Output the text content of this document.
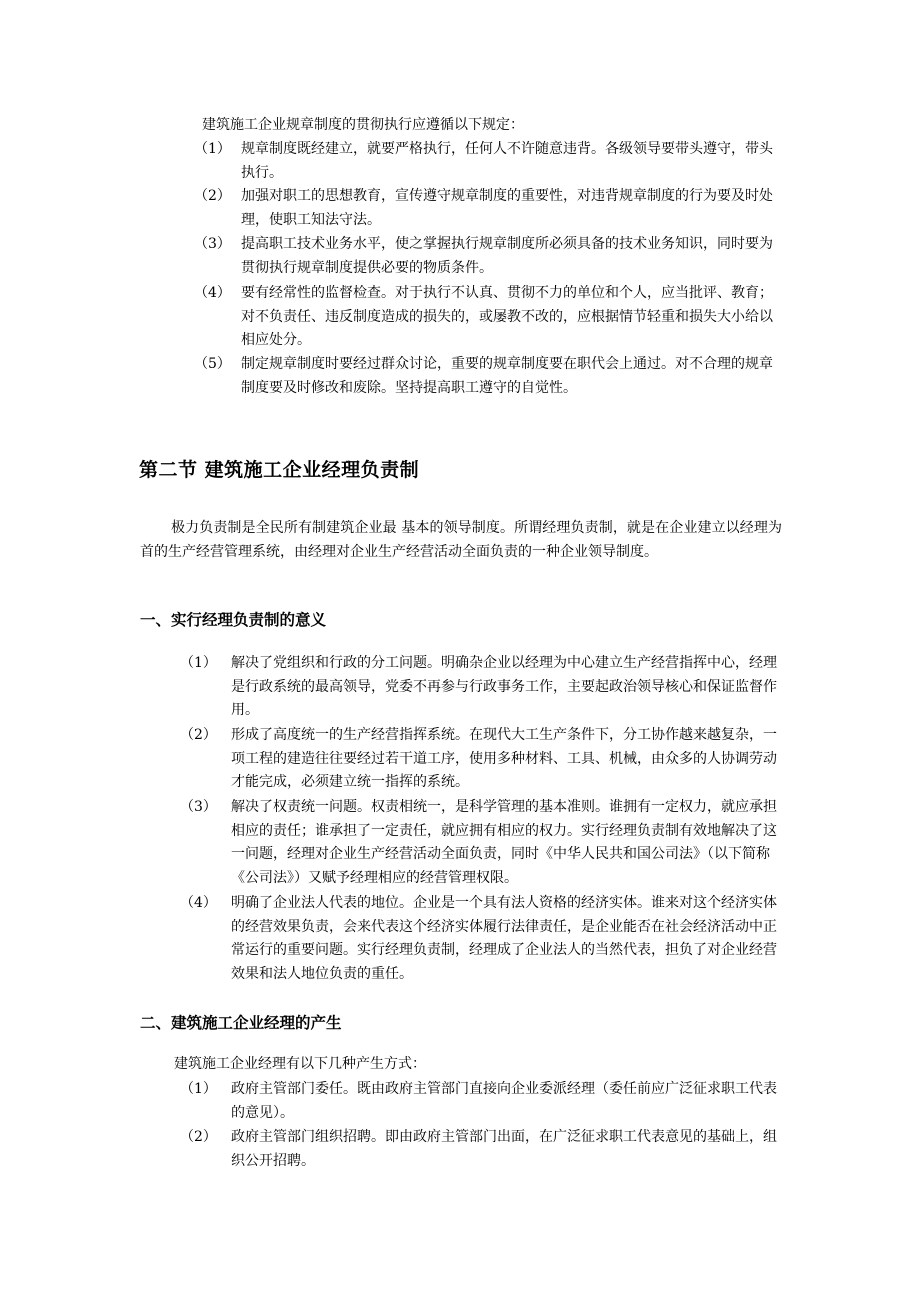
建筑施工企业规章制度的贯彻执行应遵循以下规定：
（1） 规章制度既经建立，就要严格执行，任何人不许随意违背。各级领导要带头遵守，带头执行。
（2） 加强对职工的思想教育，宣传遵守规章制度的重要性，对违背规章制度的行为要及时处理，使职工知法守法。
（3） 提高职工技术业务水平，使之掌握执行规章制度所必须具备的技术业务知识，同时要为贯彻执行规章制度提供必要的物质条件。
（4） 要有经常性的监督检查。对于执行不认真、贯彻不力的单位和个人，应当批评、教育；对不负责任、违反制度造成的损失的，或屡教不改的，应根据情节轻重和损失大小给以相应处分。
（5） 制定规章制度时要经过群众讨论，重要的规章制度要在职代会上通过。对不合理的规章制度要及时修改和废除。坚持提高职工遵守的自觉性。
第二节 建筑施工企业经理负责制
极力负责制是全民所有制建筑企业最 基本的领导制度。所谓经理负责制，就是在企业建立以经理为首的生产经营管理系统，由经理对企业生产经营活动全面负责的一种企业领导制度。
一、实行经理负责制的意义
（1） 解决了党组织和行政的分工问题。明确杂企业以经理为中心建立生产经营指挥中心，经理是行政系统的最高领导，党委不再参与行政事务工作，主要起政治领导核心和保证监督作用。
（2） 形成了高度统一的生产经营指挥系统。在现代大工生产条件下，分工协作越来越复杂，一项工程的建造往往要经过若干道工序，使用多种材料、工具、机械，由众多的人协调劳动才能完成，必须建立统一指挥的系统。
（3） 解决了权责统一问题。权责相统一，是科学管理的基本准则。谁拥有一定权力，就应承担相应的责任；谁承担了一定责任，就应拥有相应的权力。实行经理负责制有效地解决了这一问题，经理对企业生产经营活动全面负责，同时《中华人民共和国公司法》（以下简称《公司法》）又赋予经理相应的经营管理权限。
（4） 明确了企业法人代表的地位。企业是一个具有法人资格的经济实体。谁来对这个经济实体的经营效果负责，会来代表这个经济实体履行法律责任，是企业能否在社会经济活动中正常运行的重要问题。实行经理负责制，经理成了企业法人的当然代表，担负了对企业经营效果和法人地位负责的重任。
二、建筑施工企业经理的产生
建筑施工企业经理有以下几种产生方式：
（1） 政府主管部门委任。既由政府主管部门直接向企业委派经理（委任前应广泛征求职工代表的意见）。
（2） 政府主管部门组织招聘。即由政府主管部门出面，在广泛征求职工代表意见的基础上，组织公开招聘。
